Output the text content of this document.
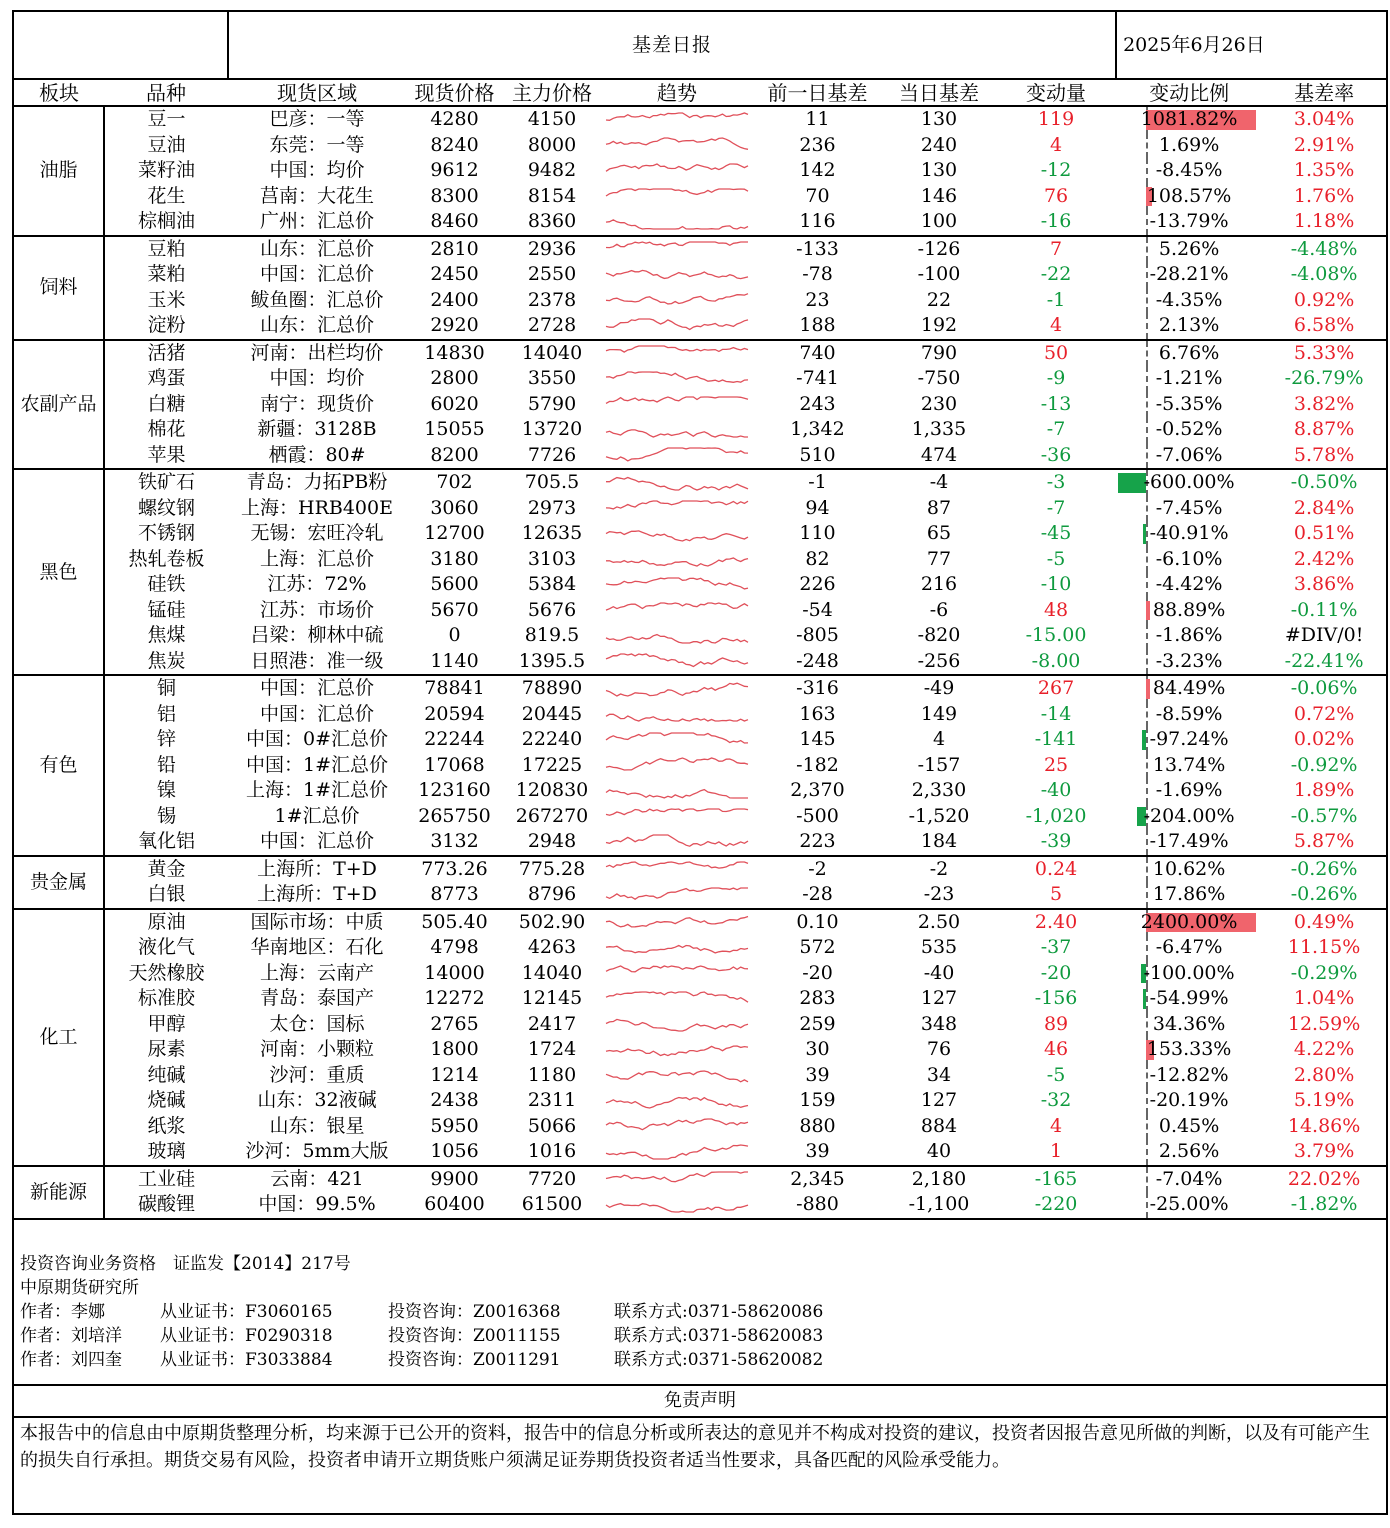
		基差日报							2025年6月26日	
板块	品种	现货区域	现货价格	主力价格	趋势	前一日基差	当日基差	变动量	变动比例	基差率
油脂	豆一	巴彦：一等	4280	4150		11	130	119	1081.82%	3.04%
	豆油	东莞：一等	8240	8000		236	240	4	1.69%	2.91%
	菜籽油	中国：均价	9612	9482		142	130	-12	-8.45%	1.35%
	花生	莒南：大花生	8300	8154		70	146	76	108.57%	1.76%
	棕榈油	广州：汇总价	8460	8360		116	100	-16	-13.79%	1.18%
饲料	豆粕	山东：汇总价	2810	2936		-133	-126	7	5.26%	-4.48%
	菜粕	中国：汇总价	2450	2550		-78	-100	-22	-28.21%	-4.08%
	玉米	鲅鱼圈：汇总价	2400	2378		23	22	-1	-4.35%	0.92%
	淀粉	山东：汇总价	2920	2728		188	192	4	2.13%	6.58%
农副产品	活猪	河南：出栏均价	14830	14040		740	790	50	6.76%	5.33%
	鸡蛋	中国：均价	2800	3550		-741	-750	-9	-1.21%	-26.79%
	白糖	南宁：现货价	6020	5790		243	230	-13	-5.35%	3.82%
	棉花	新疆：3128B	15055	13720		1,342	1,335	-7	-0.52%	8.87%
	苹果	栖霞：80#	8200	7726		510	474	-36	-7.06%	5.78%
黑色	铁矿石	青岛：力拓PB粉	702	705.5		-1	-4	-3	-600.00%	-0.50%
	螺纹钢	上海：HRB400E	3060	2973		94	87	-7	-7.45%	2.84%
	不锈钢	无锡：宏旺冷轧	12700	12635		110	65	-45	-40.91%	0.51%
	热轧卷板	上海：汇总价	3180	3103		82	77	-5	-6.10%	2.42%
	硅铁	江苏：72%	5600	5384		226	216	-10	-4.42%	3.86%
	锰硅	江苏：市场价	5670	5676		-54	-6	48	88.89%	-0.11%
	焦煤	吕梁：柳林中硫	0	819.5		-805	-820	-15.00	-1.86%	#DIV/0!
	焦炭	日照港：准一级	1140	1395.5		-248	-256	-8.00	-3.23%	-22.41%
有色	铜	中国：汇总价	78841	78890		-316	-49	267	84.49%	-0.06%
	铝	中国：汇总价	20594	20445		163	149	-14	-8.59%	0.72%
	锌	中国：0#汇总价	22244	22240		145	4	-141	-97.24%	0.02%
	铅	中国：1#汇总价	17068	17225		-182	-157	25	13.74%	-0.92%
	镍	上海：1#汇总价	123160	120830		2,370	2,330	-40	-1.69%	1.89%
	锡	1#汇总价	265750	267270		-500	-1,520	-1,020	-204.00%	-0.57%
	氧化铝	中国：汇总价	3132	2948		223	184	-39	-17.49%	5.87%
贵金属	黄金	上海所：T+D	773.26	775.28		-2	-2	0.24	10.62%	-0.26%
	白银	上海所：T+D	8773	8796		-28	-23	5	17.86%	-0.26%
化工	原油	国际市场：中质	505.40	502.90		0.10	2.50	2.40	2400.00%	0.49%
	液化气	华南地区：石化	4798	4263		572	535	-37	-6.47%	11.15%
	天然橡胶	上海：云南产	14000	14040		-20	-40	-20	-100.00%	-0.29%
	标准胶	青岛：泰国产	12272	12145		283	127	-156	-54.99%	1.04%
	甲醇	太仓：国标	2765	2417		259	348	89	34.36%	12.59%
	尿素	河南：小颗粒	1800	1724		30	76	46	153.33%	4.22%
	纯碱	沙河：重质	1214	1180		39	34	-5	-12.82%	2.80%
	烧碱	山东：32液碱	2438	2311		159	127	-32	-20.19%	5.19%
	纸浆	山东：银星	5950	5066		880	884	4	0.45%	14.86%
	玻璃	沙河：5mm大版	1056	1016		39	40	1	2.56%	3.79%
新能源	工业硅	云南：421	9900	7720		2,345	2,180	-165	-7.04%	22.02%
	碳酸锂	中国：99.5%	60400	61500		-880	-1,100	-220	-25.00%	-1.82%
投资咨询业务资格　证监发【2014】217号
中原期货研究所
作者：李娜	从业证书：F3060165	投资咨询：Z0016368	联系方式:0371-58620086
作者：刘培洋 从业证书：F0290318	投资咨询：Z0011155	联系方式:0371-58620083
作者：刘四奎 从业证书：F3033884	投资咨询：Z0011291	联系方式:0371-58620082
免责声明
本报告中的信息由中原期货整理分析，均来源于已公开的资料，报告中的信息分析或所表达的意见并不构成对投资的建议，投资者因报告意见所做的判断，以及有可能产生的损失自行承担。期货交易有风险，投资者申请开立期货账户须满足证券期货投资者适当性要求，具备匹配的风险承受能力。
